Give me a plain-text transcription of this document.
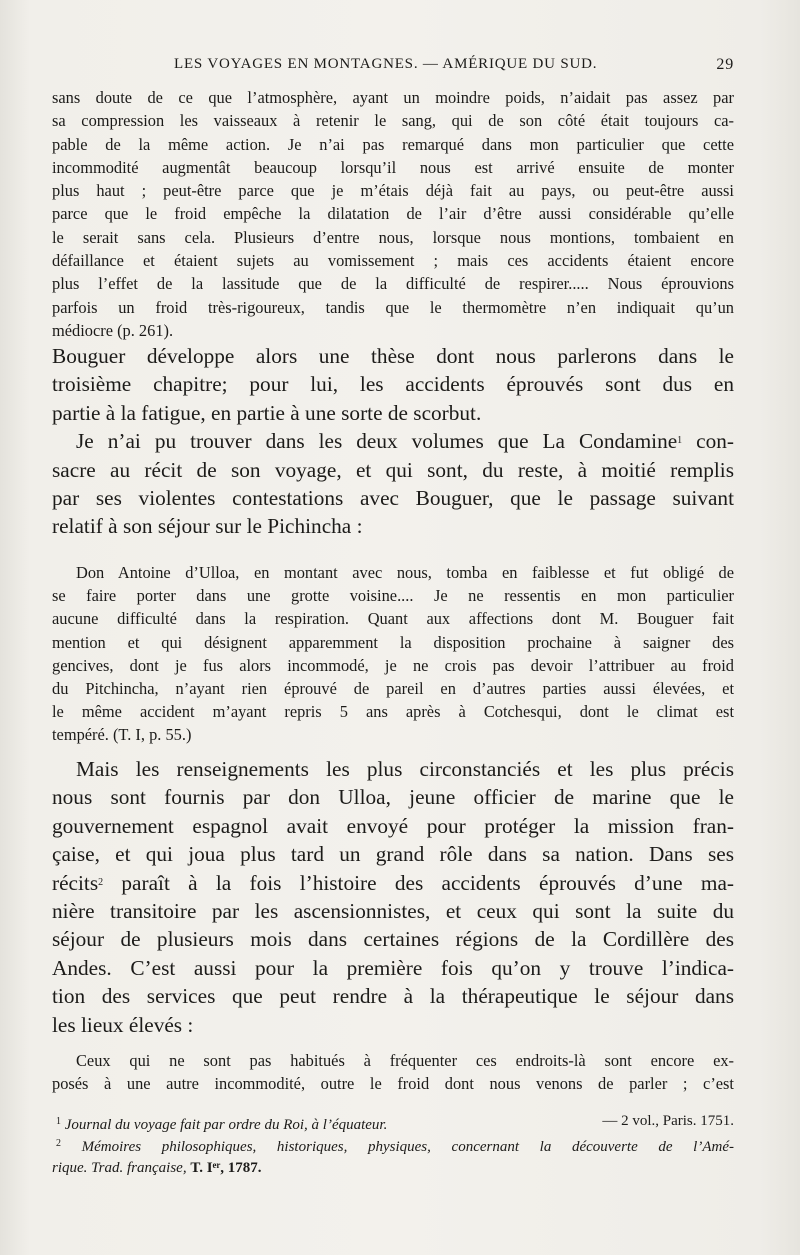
LES VOYAGES EN MONTAGNES. — AMÉRIQUE DU SUD.	29
sans doute de ce que l’atmosphère, ayant un moindre poids, n’aidait pas assez par
sa compression les vaisseaux à retenir le sang, qui de son côté était toujours ca-
pable de la même action. Je n’ai pas remarqué dans mon particulier que cette
incommodité augmentât beaucoup lorsqu’il nous est arrivé ensuite de monter
plus haut ; peut-être parce que je m’étais déjà fait au pays, ou peut-être aussi
parce que le froid empêche la dilatation de l’air d’être aussi considérable qu’elle
le serait sans cela. Plusieurs d’entre nous, lorsque nous montions, tombaient en
défaillance et étaient sujets au vomissement ; mais ces accidents étaient encore
plus l’effet de la lassitude que de la difficulté de respirer..... Nous éprouvions
parfois un froid très-rigoureux, tandis que le thermomètre n’en indiquait qu’un
médiocre (p. 261).
Bouguer développe alors une thèse dont nous parlerons dans le
troisième chapitre; pour lui, les accidents éprouvés sont dus en
partie à la fatigue, en partie à une sorte de scorbut.
Je n’ai pu trouver dans les deux volumes que La Condamine$^1$ con-
sacre au récit de son voyage, et qui sont, du reste, à moitié remplis
par ses violentes contestations avec Bouguer, que le passage suivant
relatif à son séjour sur le Pichincha :
Don Antoine d’Ulloa, en montant avec nous, tomba en faiblesse et fut obligé de
se faire porter dans une grotte voisine.... Je ne ressentis en mon particulier
aucune difficulté dans la respiration. Quant aux affections dont M. Bouguer fait
mention et qui désignent apparemment la disposition prochaine à saigner des
gencives, dont je fus alors incommodé, je ne crois pas devoir l’attribuer au froid
du Pitchincha, n’ayant rien éprouvé de pareil en d’autres parties aussi élevées, et
le même accident m’ayant repris 5 ans après à Cotchesqui, dont le climat est
tempéré. (T. I, p. 55.)
Mais les renseignements les plus circonstanciés et les plus précis
nous sont fournis par don Ulloa, jeune officier de marine que le
gouvernement espagnol avait envoyé pour protéger la mission fran-
çaise, et qui joua plus tard un grand rôle dans sa nation. Dans ses
récits$^2$ paraît à la fois l’histoire des accidents éprouvés d’une ma-
nière transitoire par les ascensionnistes, et ceux qui sont la suite du
séjour de plusieurs mois dans certaines régions de la Cordillère des
Andes. C’est aussi pour la première fois qu’on y trouve l’indica-
tion des services que peut rendre à la thérapeutique le séjour dans
les lieux élevés :
Ceux qui ne sont pas habitués à fréquenter ces endroits-là sont encore ex-
posés à une autre incommodité, outre le froid dont nous venons de parler ; c’est
$^1$ Journal du voyage fait par ordre du Roi, à l’équateur.	— 2 vol., Paris. 1751.
$^2$ Mémoires philosophiques, historiques, physiques, concernant la découverte de l’Amé-
rique. Trad. française, T. Iᵉʳ, 1787.
